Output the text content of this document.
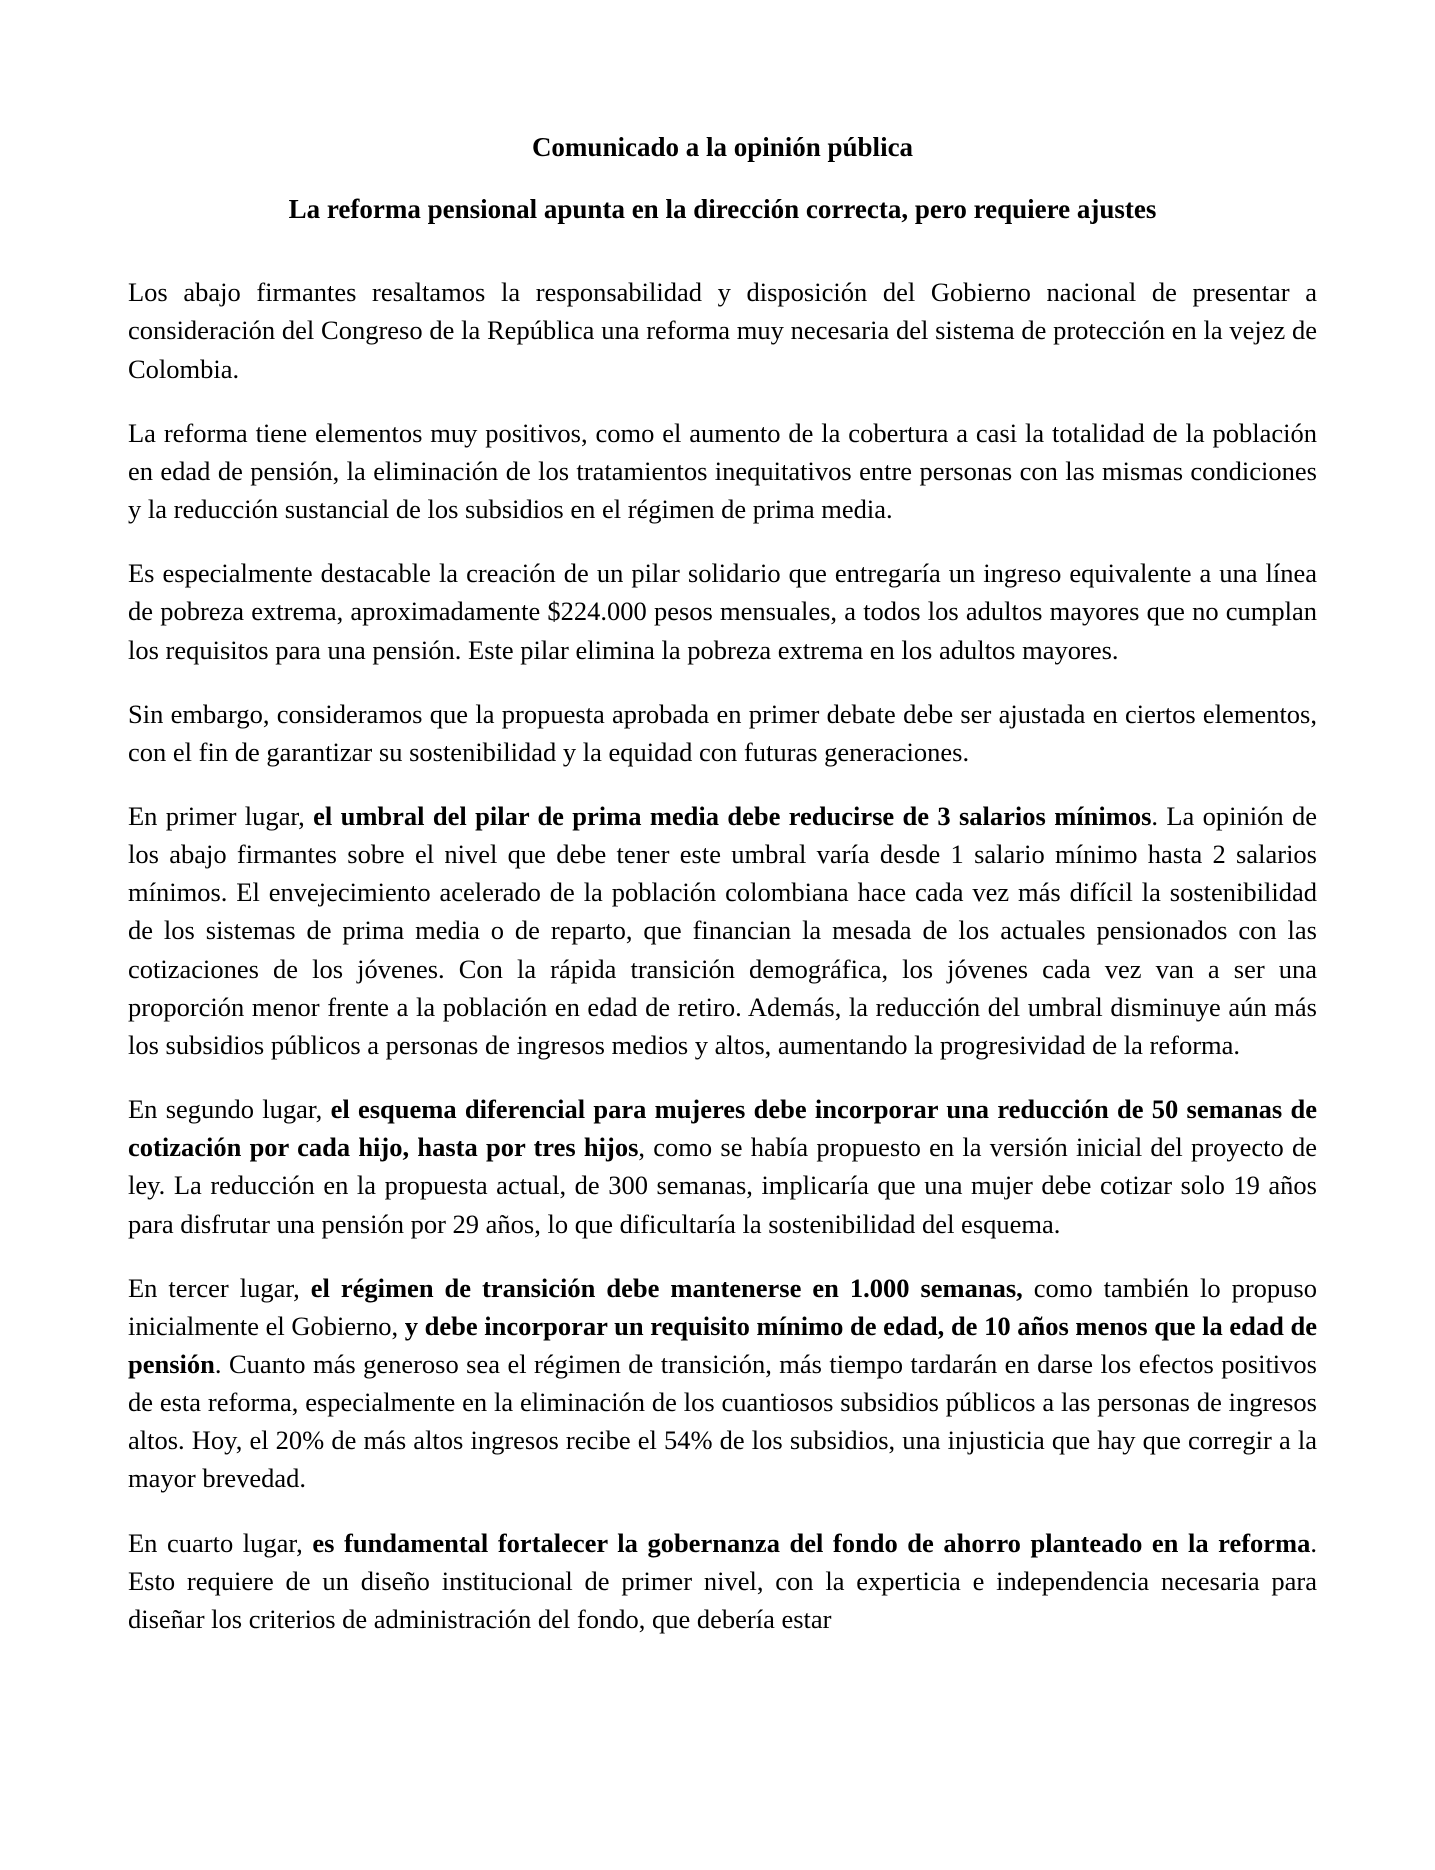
Comunicado a la opinión pública
La reforma pensional apunta en la dirección correcta, pero requiere ajustes

Los abajo firmantes resaltamos la responsabilidad y disposición del Gobierno nacional de presentar a consideración del Congreso de la República una reforma muy necesaria del sistema de protección en la vejez de Colombia.

La reforma tiene elementos muy positivos, como el aumento de la cobertura a casi la totalidad de la población en edad de pensión, la eliminación de los tratamientos inequitativos entre personas con las mismas condiciones y la reducción sustancial de los subsidios en el régimen de prima media.

Es especialmente destacable la creación de un pilar solidario que entregaría un ingreso equivalente a una línea de pobreza extrema, aproximadamente $224.000 pesos mensuales, a todos los adultos mayores que no cumplan los requisitos para una pensión. Este pilar elimina la pobreza extrema en los adultos mayores.

Sin embargo, consideramos que la propuesta aprobada en primer debate debe ser ajustada en ciertos elementos, con el fin de garantizar su sostenibilidad y la equidad con futuras generaciones.

En primer lugar, el umbral del pilar de prima media debe reducirse de 3 salarios mínimos. La opinión de los abajo firmantes sobre el nivel que debe tener este umbral varía desde 1 salario mínimo hasta 2 salarios mínimos. El envejecimiento acelerado de la población colombiana hace cada vez más difícil la sostenibilidad de los sistemas de prima media o de reparto, que financian la mesada de los actuales pensionados con las cotizaciones de los jóvenes. Con la rápida transición demográfica, los jóvenes cada vez van a ser una proporción menor frente a la población en edad de retiro. Además, la reducción del umbral disminuye aún más los subsidios públicos a personas de ingresos medios y altos, aumentando la progresividad de la reforma.

En segundo lugar, el esquema diferencial para mujeres debe incorporar una reducción de 50 semanas de cotización por cada hijo, hasta por tres hijos, como se había propuesto en la versión inicial del proyecto de ley. La reducción en la propuesta actual, de 300 semanas, implicaría que una mujer debe cotizar solo 19 años para disfrutar una pensión por 29 años, lo que dificultaría la sostenibilidad del esquema.

En tercer lugar, el régimen de transición debe mantenerse en 1.000 semanas, como también lo propuso inicialmente el Gobierno, y debe incorporar un requisito mínimo de edad, de 10 años menos que la edad de pensión. Cuanto más generoso sea el régimen de transición, más tiempo tardarán en darse los efectos positivos de esta reforma, especialmente en la eliminación de los cuantiosos subsidios públicos a las personas de ingresos altos. Hoy, el 20% de más altos ingresos recibe el 54% de los subsidios, una injusticia que hay que corregir a la mayor brevedad.

En cuarto lugar, es fundamental fortalecer la gobernanza del fondo de ahorro planteado en la reforma. Esto requiere de un diseño institucional de primer nivel, con la experticia e independencia necesaria para diseñar los criterios de administración del fondo, que debería estar
